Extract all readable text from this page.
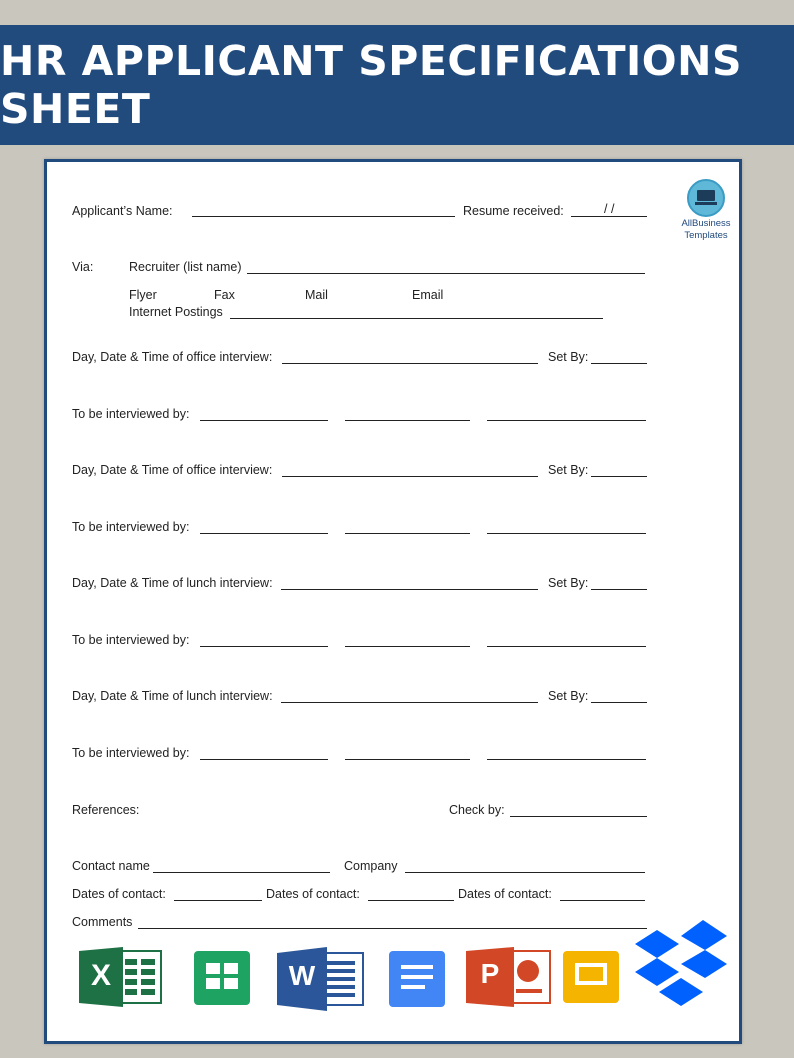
HR APPLICANT SPECIFICATIONS SHEET
AllBusiness
Templates
Applicant’s Name:	Resume received:	/ /
Via:	Recruiter (list name)
Flyer	Fax	Mail	Email
Internet Postings
Day, Date & Time of office interview:	Set By:
To be interviewed by:
Day, Date & Time of office interview:	Set By:
To be interviewed by:
Day, Date & Time of lunch interview:	Set By:
To be interviewed by:
Day, Date & Time of lunch interview:	Set By:
To be interviewed by:
References:	Check by:
Contact name	Company
Dates of contact:	Dates of contact:	Dates of contact:
Comments
X	W	P
